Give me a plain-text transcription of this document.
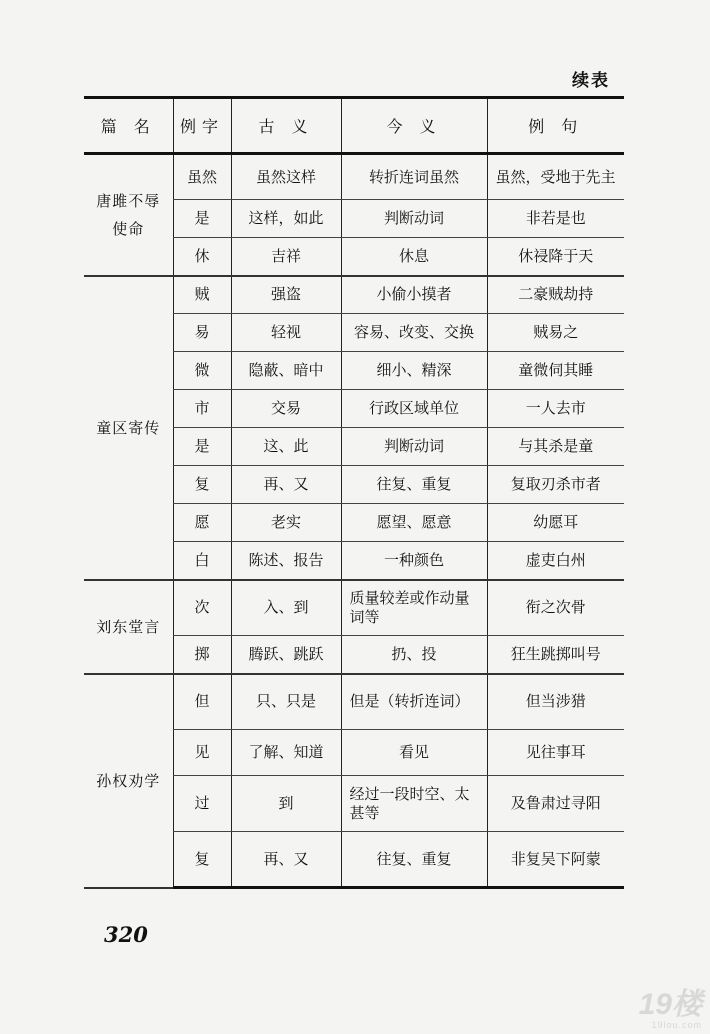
续表
篇 名	例字	古 义	今 义	例 句
唐雎不辱使命	虽然	虽然这样	转折连词虽然	虽然，受地于先主
	是	这样，如此	判断动词	非若是也
	休	吉祥	休息	休祲降于天
童区寄传	贼	强盗	小偷小摸者	二豪贼劫持
	易	轻视	容易、改变、交换	贼易之
	微	隐蔽、暗中	细小、精深	童微伺其睡
	市	交易	行政区域单位	一人去市
	是	这、此	判断动词	与其杀是童
	复	再、又	往复、重复	复取刃杀市者
	愿	老实	愿望、愿意	幼愿耳
	白	陈述、报告	一种颜色	虚吏白州
刘东堂言	次	入、到	质量较差或作动量词等	衔之次骨
	掷	腾跃、跳跃	扔、投	狂生跳掷叫号
孙权劝学	但	只、只是	但是（转折连词）	但当涉猎
	见	了解、知道	看见	见往事耳
	过	到	经过一段时空、太甚等	及鲁肃过寻阳
	复	再、又	往复、重复	非复吴下阿蒙
320
19楼
19lou.com
